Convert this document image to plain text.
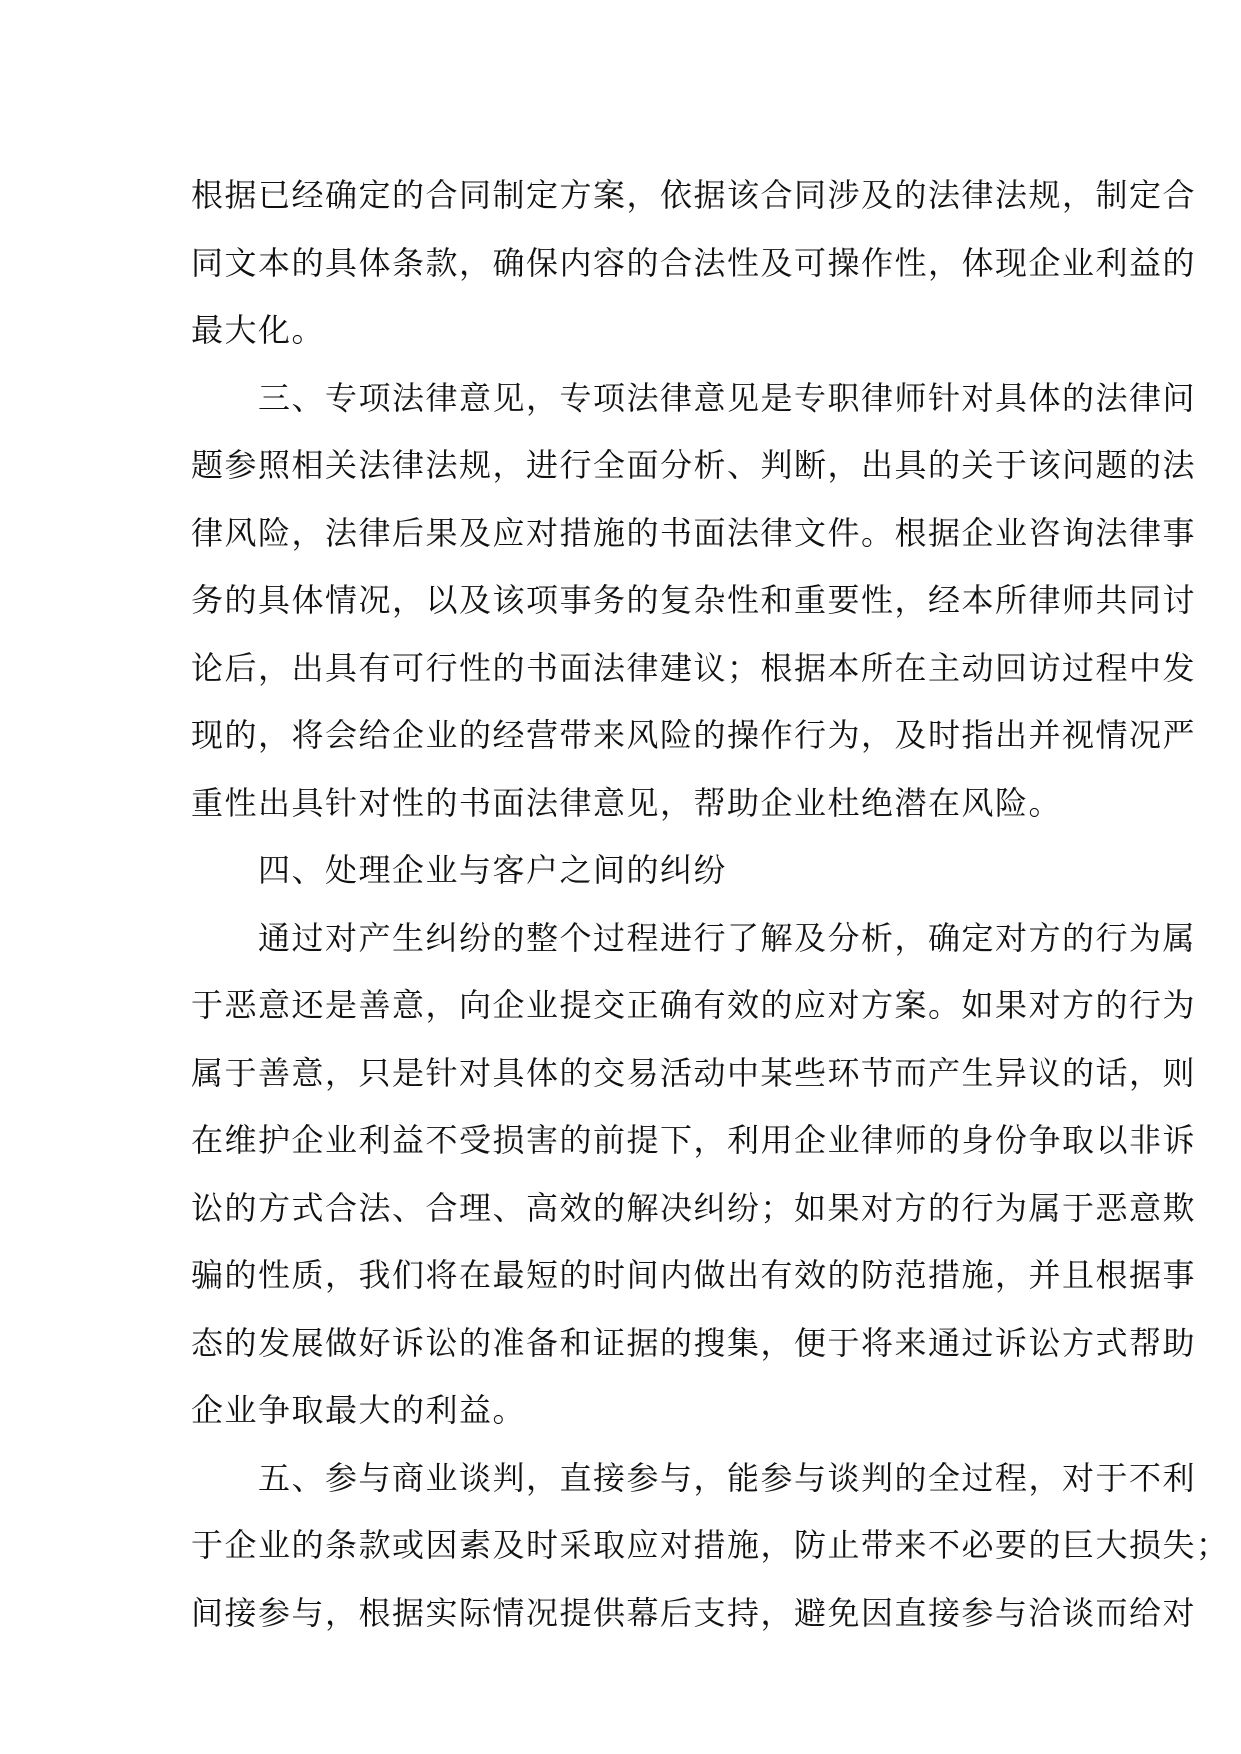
根据已经确定的合同制定方案，依据该合同涉及的法律法规，制定合
同文本的具体条款，确保内容的合法性及可操作性，体现企业利益的
最大化。
　　三、专项法律意见，专项法律意见是专职律师针对具体的法律问
题参照相关法律法规，进行全面分析、判断，出具的关于该问题的法
律风险，法律后果及应对措施的书面法律文件。根据企业咨询法律事
务的具体情况，以及该项事务的复杂性和重要性，经本所律师共同讨
论后，出具有可行性的书面法律建议；根据本所在主动回访过程中发
现的，将会给企业的经营带来风险的操作行为，及时指出并视情况严
重性出具针对性的书面法律意见，帮助企业杜绝潜在风险。
　　四、处理企业与客户之间的纠纷
　　通过对产生纠纷的整个过程进行了解及分析，确定对方的行为属
于恶意还是善意，向企业提交正确有效的应对方案。如果对方的行为
属于善意，只是针对具体的交易活动中某些环节而产生异议的话，则
在维护企业利益不受损害的前提下，利用企业律师的身份争取以非诉
讼的方式合法、合理、高效的解决纠纷；如果对方的行为属于恶意欺
骗的性质，我们将在最短的时间内做出有效的防范措施，并且根据事
态的发展做好诉讼的准备和证据的搜集，便于将来通过诉讼方式帮助
企业争取最大的利益。
　　五、参与商业谈判，直接参与，能参与谈判的全过程，对于不利
于企业的条款或因素及时采取应对措施，防止带来不必要的巨大损失；
间接参与，根据实际情况提供幕后支持，避免因直接参与洽谈而给对
